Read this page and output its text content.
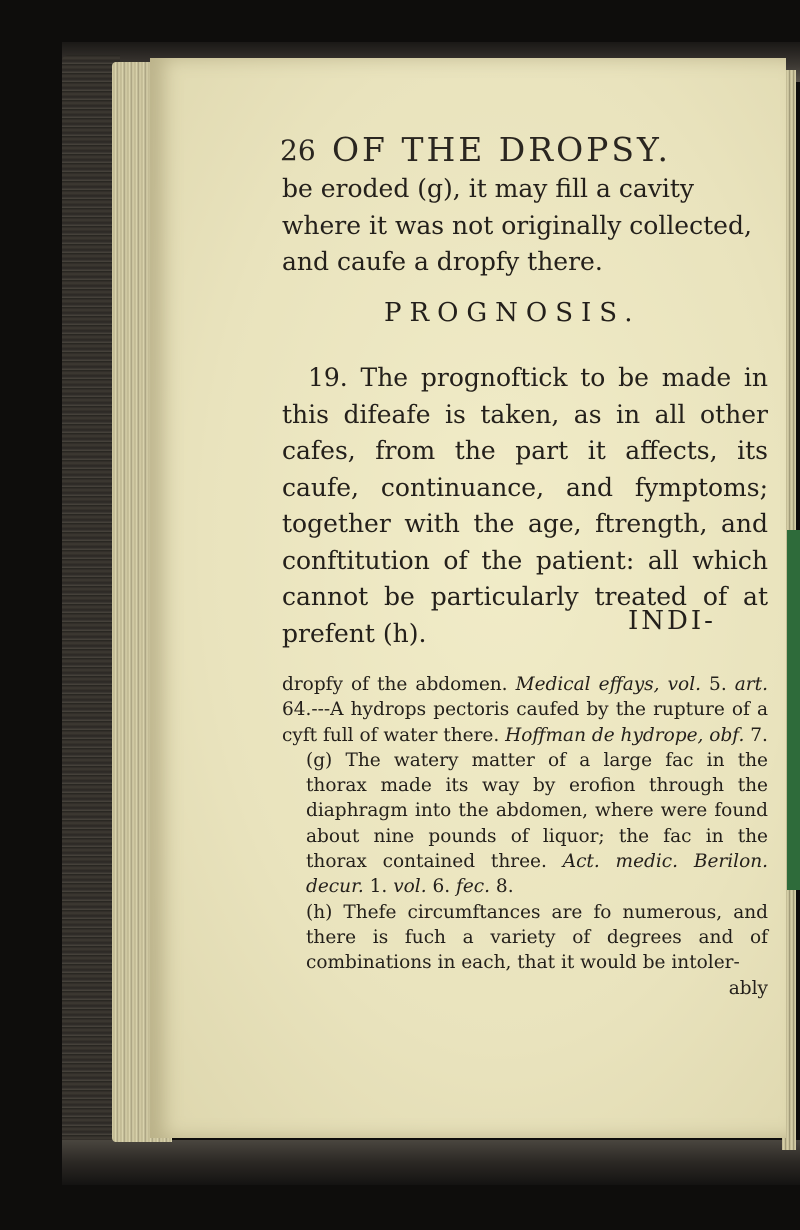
26 OF THE DROPSY.

be eroded (g), it may fill a cavity

where it was not originally collected,

and caufe a dropfy there.

PROGNOSIS.
19. The prognoftick to be made in this difeafe is taken, as in all other cafes, from the part it affects, its caufe, continuance, and fymptoms; together with the age, ftrength, and conftitution of the patient: all which cannot be particularly treated of at prefent (h).	INDI-

dropfy of the abdomen. Medical effays, vol. 5. art. 64.---A hydrops pectoris caufed by the rupture of a cyft full of water there. Hoffman de hydrope, obf. 7.

(g) The watery matter of a large fac in the thorax made its way by erofion through the diaphragm into the abdomen, where were found about nine pounds of liquor; the fac in the thorax contained three. Act. medic. Berilon. decur. 1. vol. 6. fec. 8.

(h) Thefe circumftances are fo numerous, and there is fuch a variety of degrees and of combinations in each, that it would be intoler-

ably
